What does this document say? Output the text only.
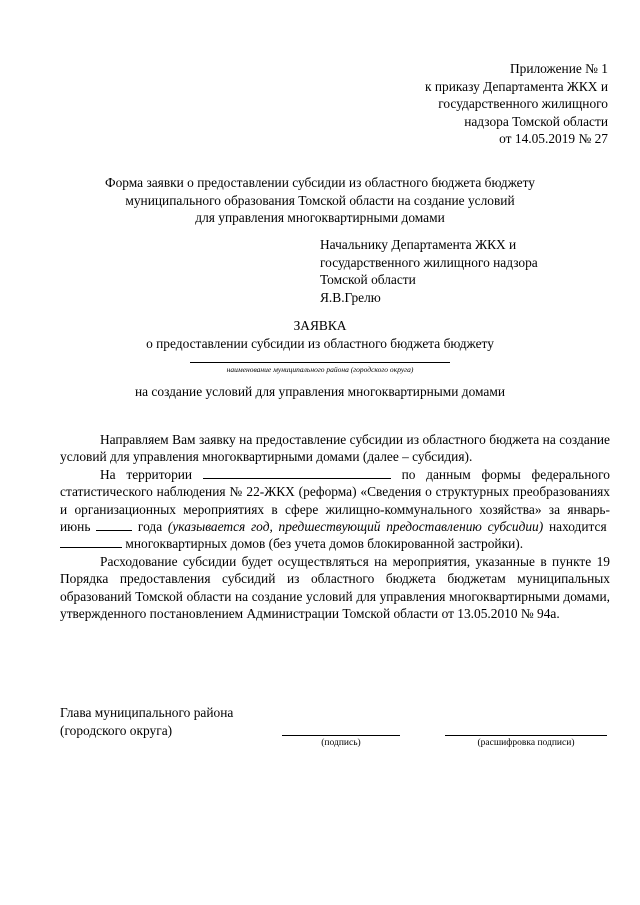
Приложение № 1
к приказу Департамента ЖКХ и
государственного жилищного
надзора Томской области
от 14.05.2019 № 27
Форма заявки о предоставлении субсидии из областного бюджета бюджету
муниципального образования Томской области на создание условий
для управления многоквартирными домами
Начальнику Департамента ЖКХ и
государственного жилищного надзора
Томской области
Я.В.Грелю
ЗАЯВКА
о предоставлении субсидии из областного бюджета бюджету
наименование муниципального района (городского округа)
на создание условий для управления многоквартирными домами

Направляем Вам заявку на предоставление субсидии из областного бюджета на создание условий для управления многоквартирными домами (далее – субсидия).

На территории	по данным формы федерального статистического наблюдения № 22-ЖКХ (реформа) «Сведения о структурных преобразованиях и организационных мероприятиях в сфере жилищно-коммунального хозяйства» за январь-июнь	года (указывается год, предшествующий предоставлению субсидии) находится  многоквартирных домов (без учета домов блокированной застройки).

Расходование субсидии будет осуществляться на мероприятия, указанные в пункте 19 Порядка предоставления субсидий из областного бюджета бюджетам муниципальных образований Томской области на создание условий для управления многоквартирными домами, утвержденного постановлением Администрации Томской области от 13.05.2010 № 94а.

Глава муниципального района
(городского округа)
(подпись)	(расшифровка подписи)
